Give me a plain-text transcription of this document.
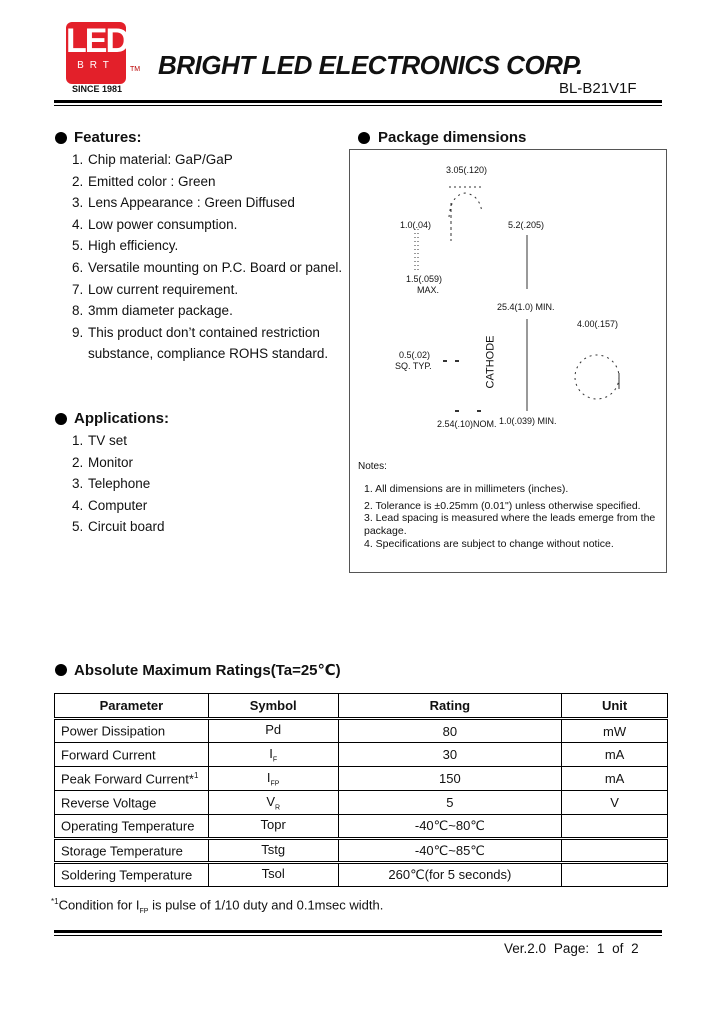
LED
BRT	TM
SINCE 1981
BRIGHT LED ELECTRONICS CORP.
BL-B21V1F
Features:
1. Chip material: GaP/GaP
2. Emitted color : Green
3. Lens Appearance : Green Diffused
4. Low power consumption.
5. High efficiency.
6. Versatile mounting on P.C. Board or panel.
7. Low current requirement.
8. 3mm diameter package.
9. This product don’t contained restriction
substance, compliance ROHS standard.
Applications:
1. TV set
2. Monitor
3. Telephone
4. Computer
5. Circuit board
Package dimensions
3.05(.120)
1.0(.04)	5.2(.205)
1.5(.059)
MAX.
25.4(1.0) MIN.
4.00(.157)
0.5(.02)
SQ. TYP.
2.54(.10)NOM. 1.0(.039) MIN.
CATHODE
Notes:
1. All dimensions are in millimeters (inches).
2. Tolerance is ±0.25mm (0.01") unless otherwise specified.
3. Lead spacing is measured where the leads emerge from the package.
4. Specifications are subject to change without notice.
Absolute Maximum Ratings(Ta=25℃)
Parameter	Symbol	Rating	Unit
Power Dissipation	Pd	80	mW
Forward Current	$I_F$	30	mA
Peak Forward Current*$^1$	$I_{FP}$	150	mA
Reverse Voltage	$V_R$	5	V
Operating Temperature	Topr	-40℃~80℃	
Storage Temperature	Tstg	-40℃~85℃	
Soldering Temperature	Tsol	260℃(for 5 seconds)	
$^{*1}$Condition for $I_{FP}$ is pulse of 1/10 duty and 0.1msec width.
Ver.2.0 Page: 1 of 2
